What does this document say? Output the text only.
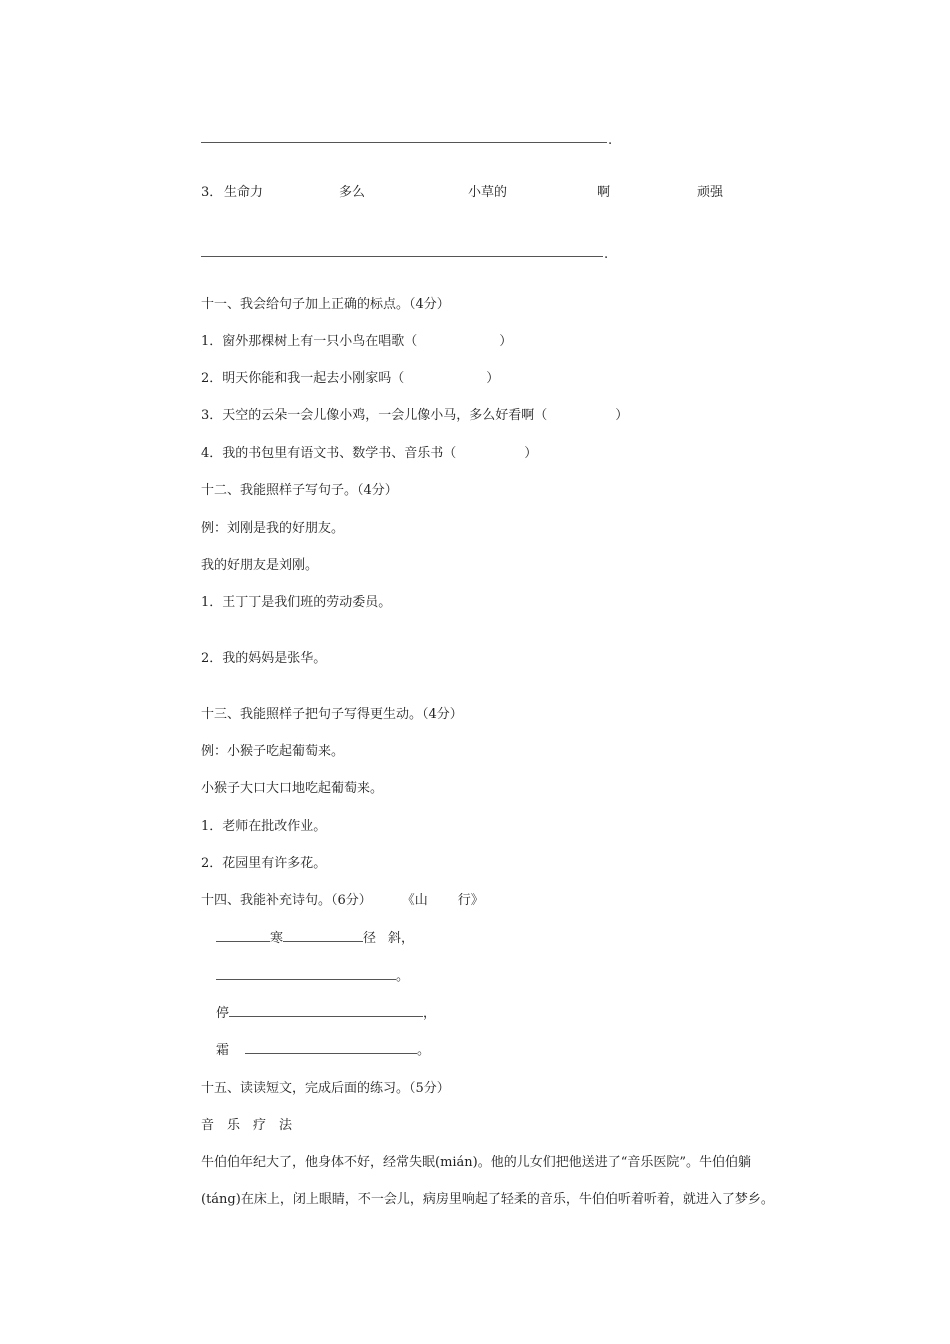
.
3． 生命力	多么	小草的	啊	顽强
.
十一、我会给句子加上正确的标点。（4分）
1．窗外那棵树上有一只小鸟在唱歌（	）
2．明天你能和我一起去小刚家吗（	）
3．天空的云朵一会儿像小鸡，一会儿像小马，多么好看啊（	）
4．我的书包里有语文书、数学书、音乐书（	）
十二、我能照样子写句子。（4分）
例：刘刚是我的好朋友。
我的好朋友是刘刚。
1．王丁丁是我们班的劳动委员。
2．我的妈妈是张华。
十三、我能照样子把句子写得更生动。（4分）
例：小猴子吃起葡萄来。
小猴子大口大口地吃起葡萄来。
1．老师在批改作业。
2．花园里有许多花。
十四、我能补充诗句。（6分） 《山 行》
寒	径 斜，
。
停	，
霜	。
十五、读读短文，完成后面的练习。（5分）
音　乐　疗　法
牛伯伯年纪大了，他身体不好，经常失眠(mián)。他的儿女们把他送进了“音乐医院”。牛伯伯躺
(táng)在床上，闭上眼睛，不一会儿，病房里响起了轻柔的音乐，牛伯伯听着听着，就进入了梦乡。
